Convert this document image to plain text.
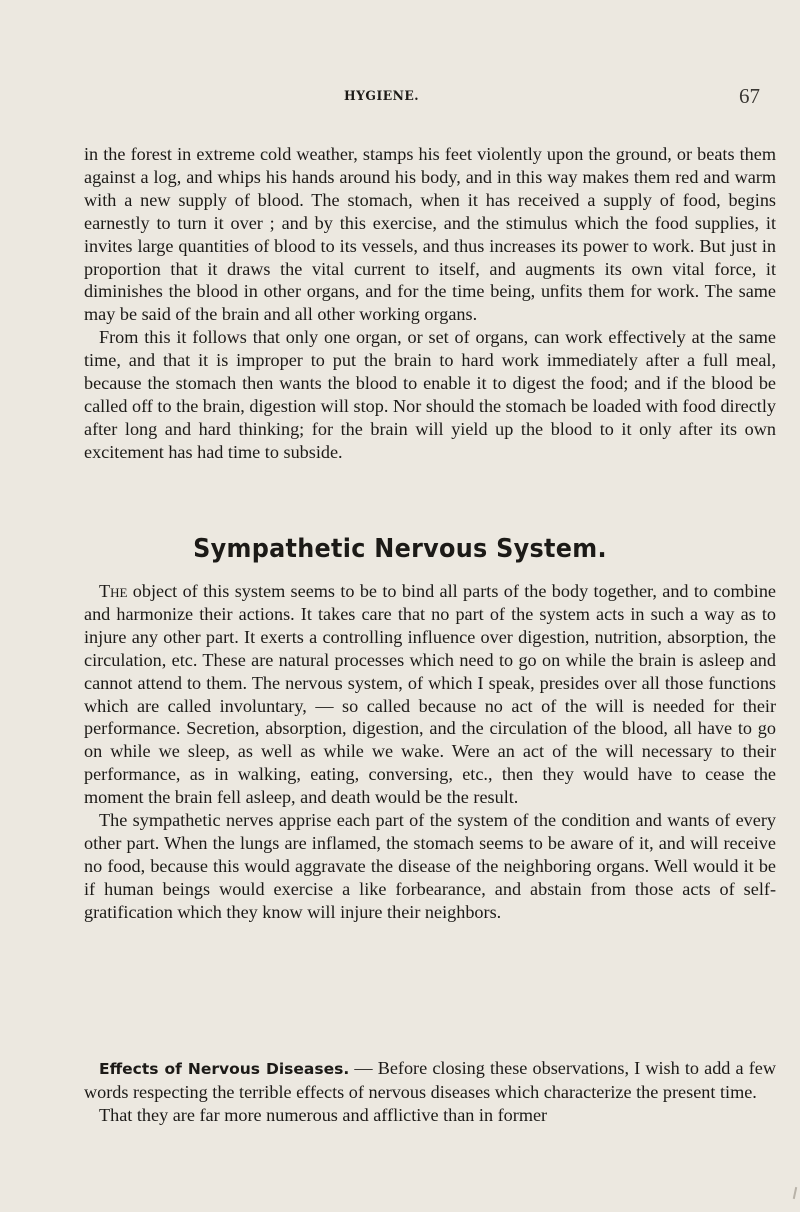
HYGIENE.	67

in the forest in extreme cold weather, stamps his feet violently upon the ground, or beats them against a log, and whips his hands around his body, and in this way makes them red and warm with a new supply of blood. The stomach, when it has received a supply of food, begins earnestly to turn it over ; and by this exercise, and the stimulus which the food supplies, it invites large quantities of blood to its vessels, and thus increases its power to work. But just in proportion that it draws the vital current to itself, and augments its own vital force, it diminishes the blood in other organs, and for the time being, unfits them for work. The same may be said of the brain and all other working organs.

From this it follows that only one organ, or set of organs, can work effectively at the same time, and that it is improper to put the brain to hard work immediately after a full meal, because the stomach then wants the blood to enable it to digest the food; and if the blood be called off to the brain, digestion will stop. Nor should the stomach be loaded with food directly after long and hard thinking; for the brain will yield up the blood to it only after its own excitement has had time to subside.

Sympathetic Nervous System.

The object of this system seems to be to bind all parts of the body together, and to combine and harmonize their actions. It takes care that no part of the system acts in such a way as to injure any other part. It exerts a controlling influence over digestion, nutrition, absorption, the circulation, etc. These are natural processes which need to go on while the brain is asleep and cannot attend to them. The nervous system, of which I speak, presides over all those functions which are called involuntary, — so called because no act of the will is needed for their performance. Secretion, absorption, digestion, and the circulation of the blood, all have to go on while we sleep, as well as while we wake. Were an act of the will necessary to their performance, as in walking, eating, conversing, etc., then they would have to cease the moment the brain fell asleep, and death would be the result.

The sympathetic nerves apprise each part of the system of the condition and wants of every other part. When the lungs are inflamed, the stomach seems to be aware of it, and will receive no food, because this would aggravate the disease of the neighboring organs. Well would it be if human beings would exercise a like forbearance, and abstain from those acts of self-gratification which they know will injure their neighbors.

Effects of Nervous Diseases. — Before closing these observations, I wish to add a few words respecting the terrible effects of nervous diseases which characterize the present time.

That they are far more numerous and afflictive than in former
